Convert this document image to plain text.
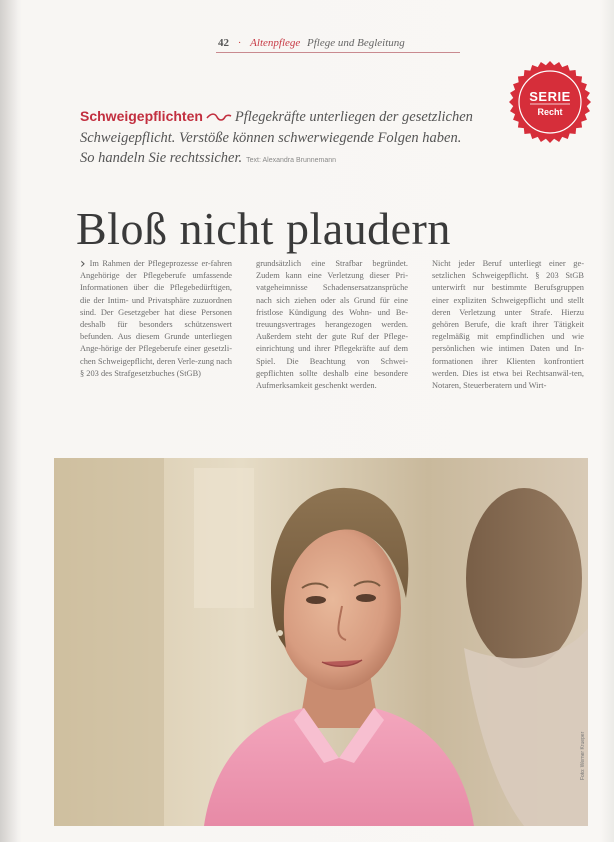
42 · Altenpflege Pflege und Begleitung
SERIE
Recht
Schweigepflichten Pflegekräfte unterliegen der gesetzlichen
Schweigepflicht. Verstöße können schwerwiegende Folgen haben.
So handeln Sie rechtssicher. Text: Alexandra Brunnemann
Bloß nicht plaudern
› Im Rahmen der Pflegeprozesse er-fahren Angehörige der Pflegeberufe umfassende Informationen über die Pflegebedürftigen, die der Intim- und Privatsphäre zuzuordnen sind. Der Gesetzgeber hat diese Personen deshalb für besonders schützenswert befunden. Aus diesem Grunde unterliegen Ange-hörige der Pflegeberufe einer gesetzli-chen Schweigepflicht, deren Verle-zung nach § 203 des Strafgesetzbuches (StGB)
grundsätzlich eine Strafbar begründet. Zudem kann eine Verletzung dieser Pri-vatgeheimnisse Schadensersatzansprüche nach sich ziehen oder als Grund für eine fristlose Kündigung des Wohn- und Be-treuungsvertrages herangezogen werden. Außerdem steht der gute Ruf der Pflege-einrichtung und ihrer Pflegekräfte auf dem Spiel. Die Beachtung von Schwei-gepflichten sollte deshalb eine besondere Aufmerksamkeit geschenkt werden.
Nicht jeder Beruf unterliegt einer ge-setzlichen Schweigepflicht. § 203 StGB unterwirft nur bestimmte Berufsgruppen einer expliziten Schweigepflicht und stellt deren Verletzung unter Strafe. Hierzu gehören Berufe, die kraft ihrer Tätigkeit regelmäßig mit empfindlichen und wie persönlichen wie intimen Daten und In-formationen ihrer Klienten konfrontiert werden. Dies ist etwa bei Rechtsanwäl-ten, Notaren, Steuerberatern und Wirt-
Foto: Werner Krueper
